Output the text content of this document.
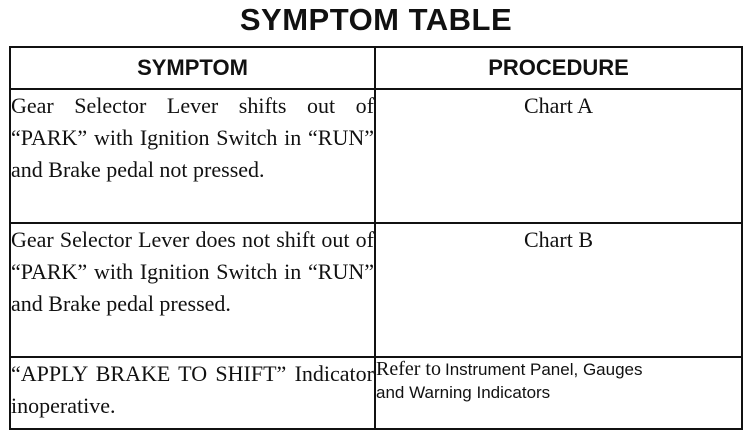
SYMPTOM TABLE
SYMPTOM	PROCEDURE
Gear Selector Lever shifts out of “PARK” with Ignition Switch in “RUN” and Brake pedal not pressed.	Chart A
Gear Selector Lever does not shift out of “PARK” with Ignition Switch in “RUN” and Brake pedal pressed.	Chart B
“APPLY BRAKE TO SHIFT” Indicator inoperative.	Refer to Instrument Panel, Gauges
and Warning Indicators
